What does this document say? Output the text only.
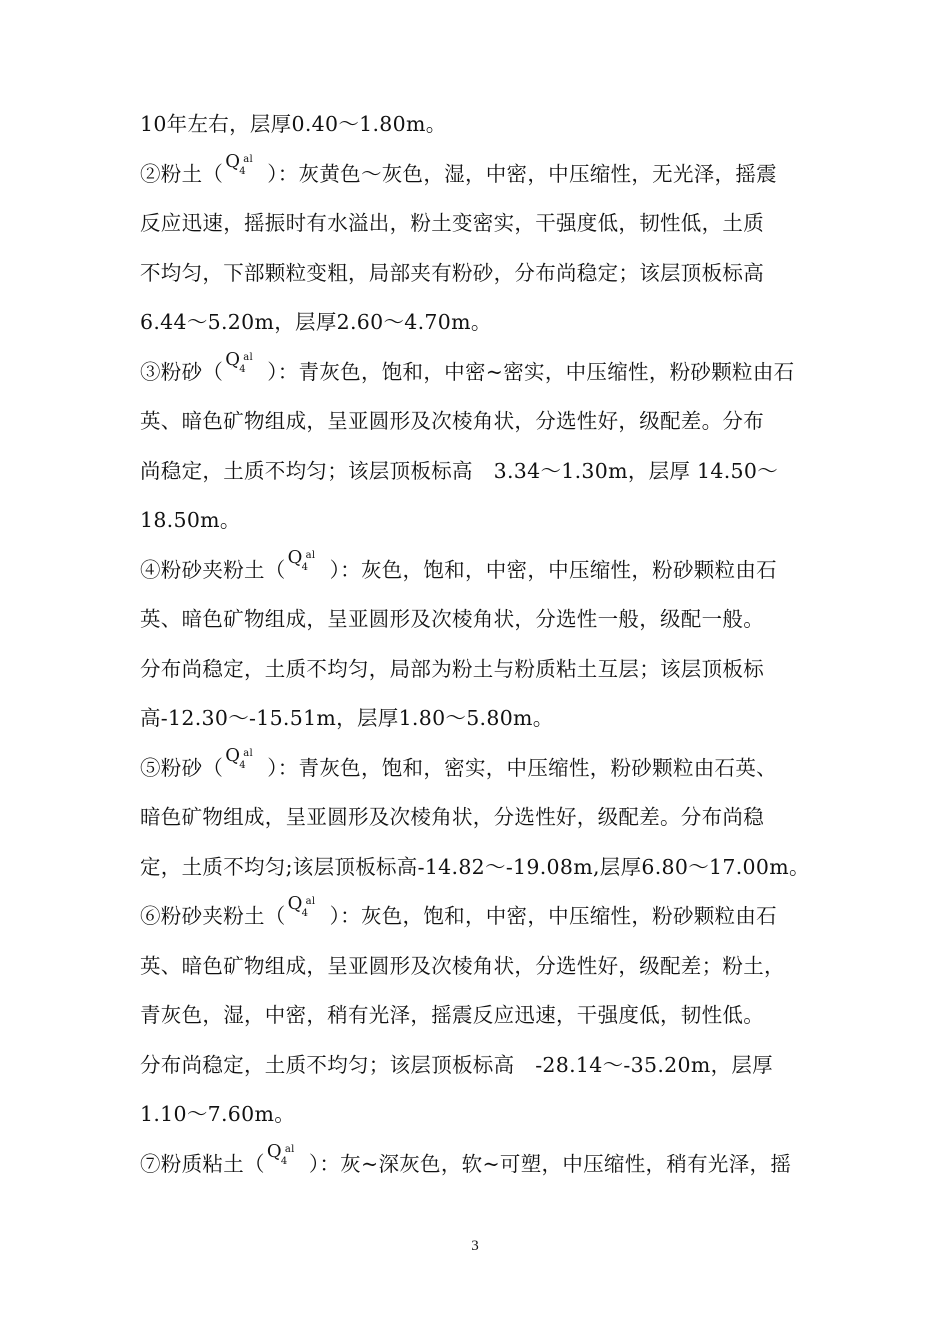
10年左右，层厚0.40～1.80m。
②粉土（
Q al
4 ）：灰黄色～灰色，湿，中密，中压缩性，无光泽，摇震
反应迅速，摇振时有水溢出，粉土变密实，干强度低，韧性低，土质
不均匀，下部颗粒变粗，局部夹有粉砂，分布尚稳定；该层顶板标高
6.44～5.20m，层厚2.60～4.70m。
③粉砂（
Q al
4 ）：青灰色，饱和，中密~密实，中压缩性，粉砂颗粒由石
英、暗色矿物组成，呈亚圆形及次棱角状，分选性好，级配差。分布
尚稳定，土质不均匀；该层顶板标高　3.34～1.30m，层厚 14.50～
18.50m。
④粉砂夹粉土（
Q al
4 ）：灰色，饱和，中密，中压缩性，粉砂颗粒由石
英、暗色矿物组成，呈亚圆形及次棱角状，分选性一般，级配一般。
分布尚稳定，土质不均匀，局部为粉土与粉质粘土互层；该层顶板标
高-12.30～-15.51m，层厚1.80～5.80m。
⑤粉砂（
Q al
4 ）：青灰色，饱和，密实，中压缩性，粉砂颗粒由石英、
暗色矿物组成，呈亚圆形及次棱角状，分选性好，级配差。分布尚稳
定，土质不均匀;该层顶板标高-14.82～-19.08m,层厚6.80～17.00m。
⑥粉砂夹粉土（
Q al
4 ）：灰色，饱和，中密，中压缩性，粉砂颗粒由石
英、暗色矿物组成，呈亚圆形及次棱角状，分选性好，级配差；粉土，
青灰色，湿，中密，稍有光泽，摇震反应迅速，干强度低，韧性低。
分布尚稳定，土质不均匀；该层顶板标高　-28.14～-35.20m，层厚
1.10～7.60m。
⑦粉质粘土（
Q al
4 ）：灰~深灰色，软~可塑，中压缩性，稍有光泽，摇
3
